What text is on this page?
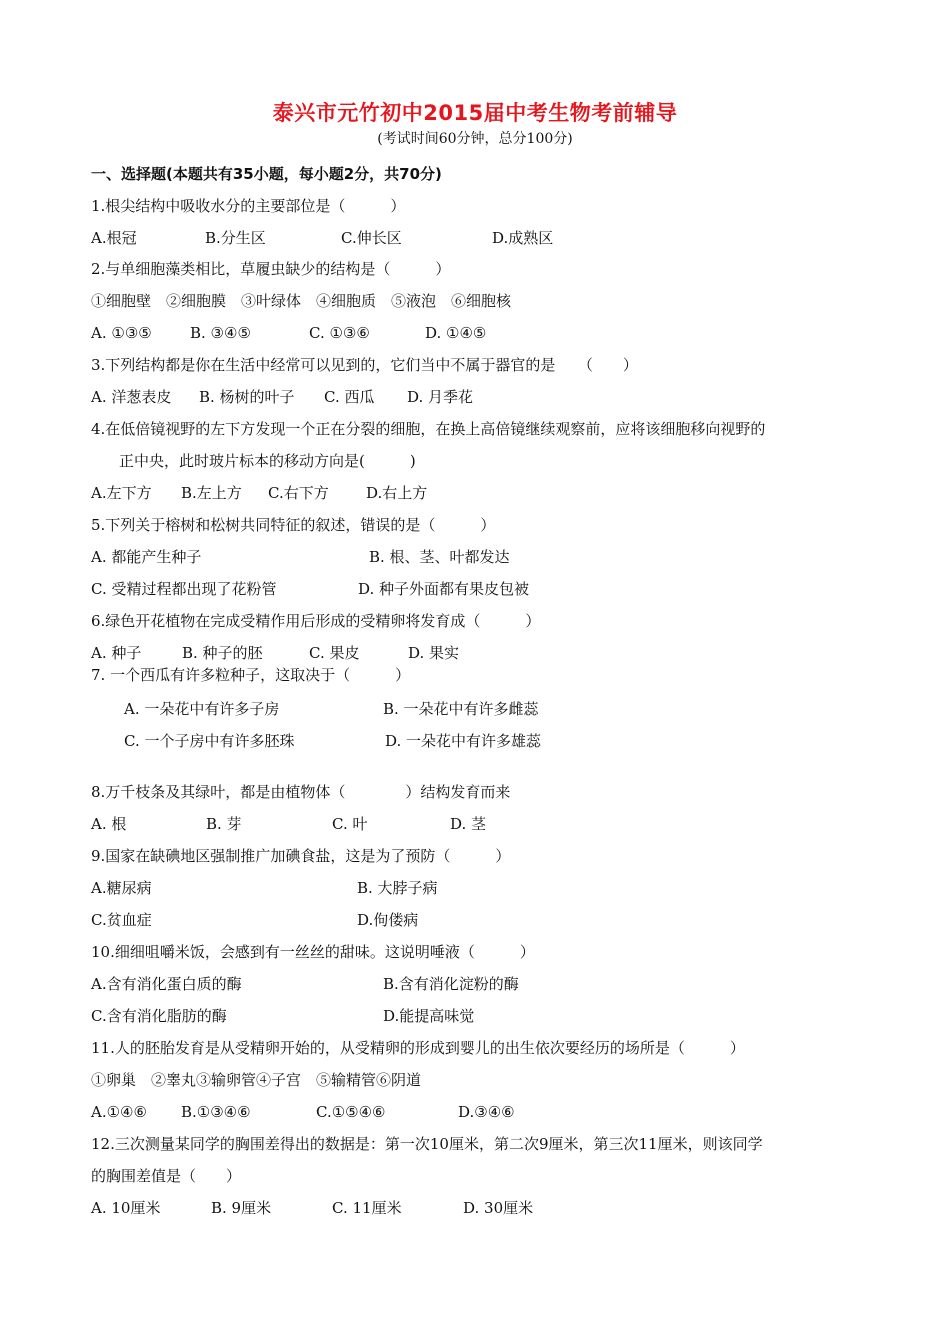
泰兴市元竹初中2015届中考生物考前辅导
(考试时间60分钟，总分100分)
一、选择题(本题共有35小题，每小题2分，共70分)
1.根尖结构中吸收水分的主要部位是（　　　）
A.根冠	B.分生区	C.伸长区	D.成熟区
2.与单细胞藻类相比，草履虫缺少的结构是（　　　）
①细胞壁　②细胞膜　③叶绿体　④细胞质　⑤液泡　⑥细胞核
A. ①③⑤	B. ③④⑤	C. ①③⑥	D. ①④⑤
3.下列结构都是你在生活中经常可以见到的，它们当中不属于器官的是　　（　　）
A. 洋葱表皮 B. 杨树的叶子 C. 西瓜 D. 月季花
4.在低倍镜视野的左下方发现一个正在分裂的细胞，在换上高倍镜继续观察前，应将该细胞移向视野的
正中央，此时玻片标本的移动方向是(　　　)
A.左下方 B.左上方 C.右下方 D.右上方
5.下列关于榕树和松树共同特征的叙述，错误的是（　　　）
A. 都能产生种子	B. 根、茎、叶都发达
C. 受精过程都出现了花粉管	D. 种子外面都有果皮包被
6.绿色开花植物在完成受精作用后形成的受精卵将发育成（　　　）
A. 种子	B. 种子的胚	C. 果皮	D. 果实
7. 一个西瓜有许多粒种子，这取决于（　　　）
A. 一朵花中有许多子房	B. 一朵花中有许多雌蕊
C. 一个子房中有许多胚珠	D. 一朵花中有许多雄蕊
8.万千枝条及其绿叶，都是由植物体（　　　　）结构发育而来
A. 根	B. 芽	C. 叶	D. 茎
9.国家在缺碘地区强制推广加碘食盐，这是为了预防（　　　）
A.糖尿病	B. 大脖子病
C.贫血症	D.佝偻病
10.细细咀嚼米饭，会感到有一丝丝的甜味。这说明唾液（　　　）
A.含有消化蛋白质的酶	B.含有消化淀粉的酶
C.含有消化脂肪的酶	D.能提高味觉
11.人的胚胎发育是从受精卵开始的，从受精卵的形成到婴儿的出生依次要经历的场所是（　　　）
①卵巢　②睾丸③输卵管④子宫　⑤输精管⑥阴道
A.①④⑥ B.①③④⑥	C.①⑤④⑥	D.③④⑥
12.三次测量某同学的胸围差得出的数据是：第一次10厘米，第二次9厘米，第三次11厘米，则该同学
的胸围差值是（　　）
A. 10厘米	B. 9厘米	C. 11厘米	D. 30厘米
